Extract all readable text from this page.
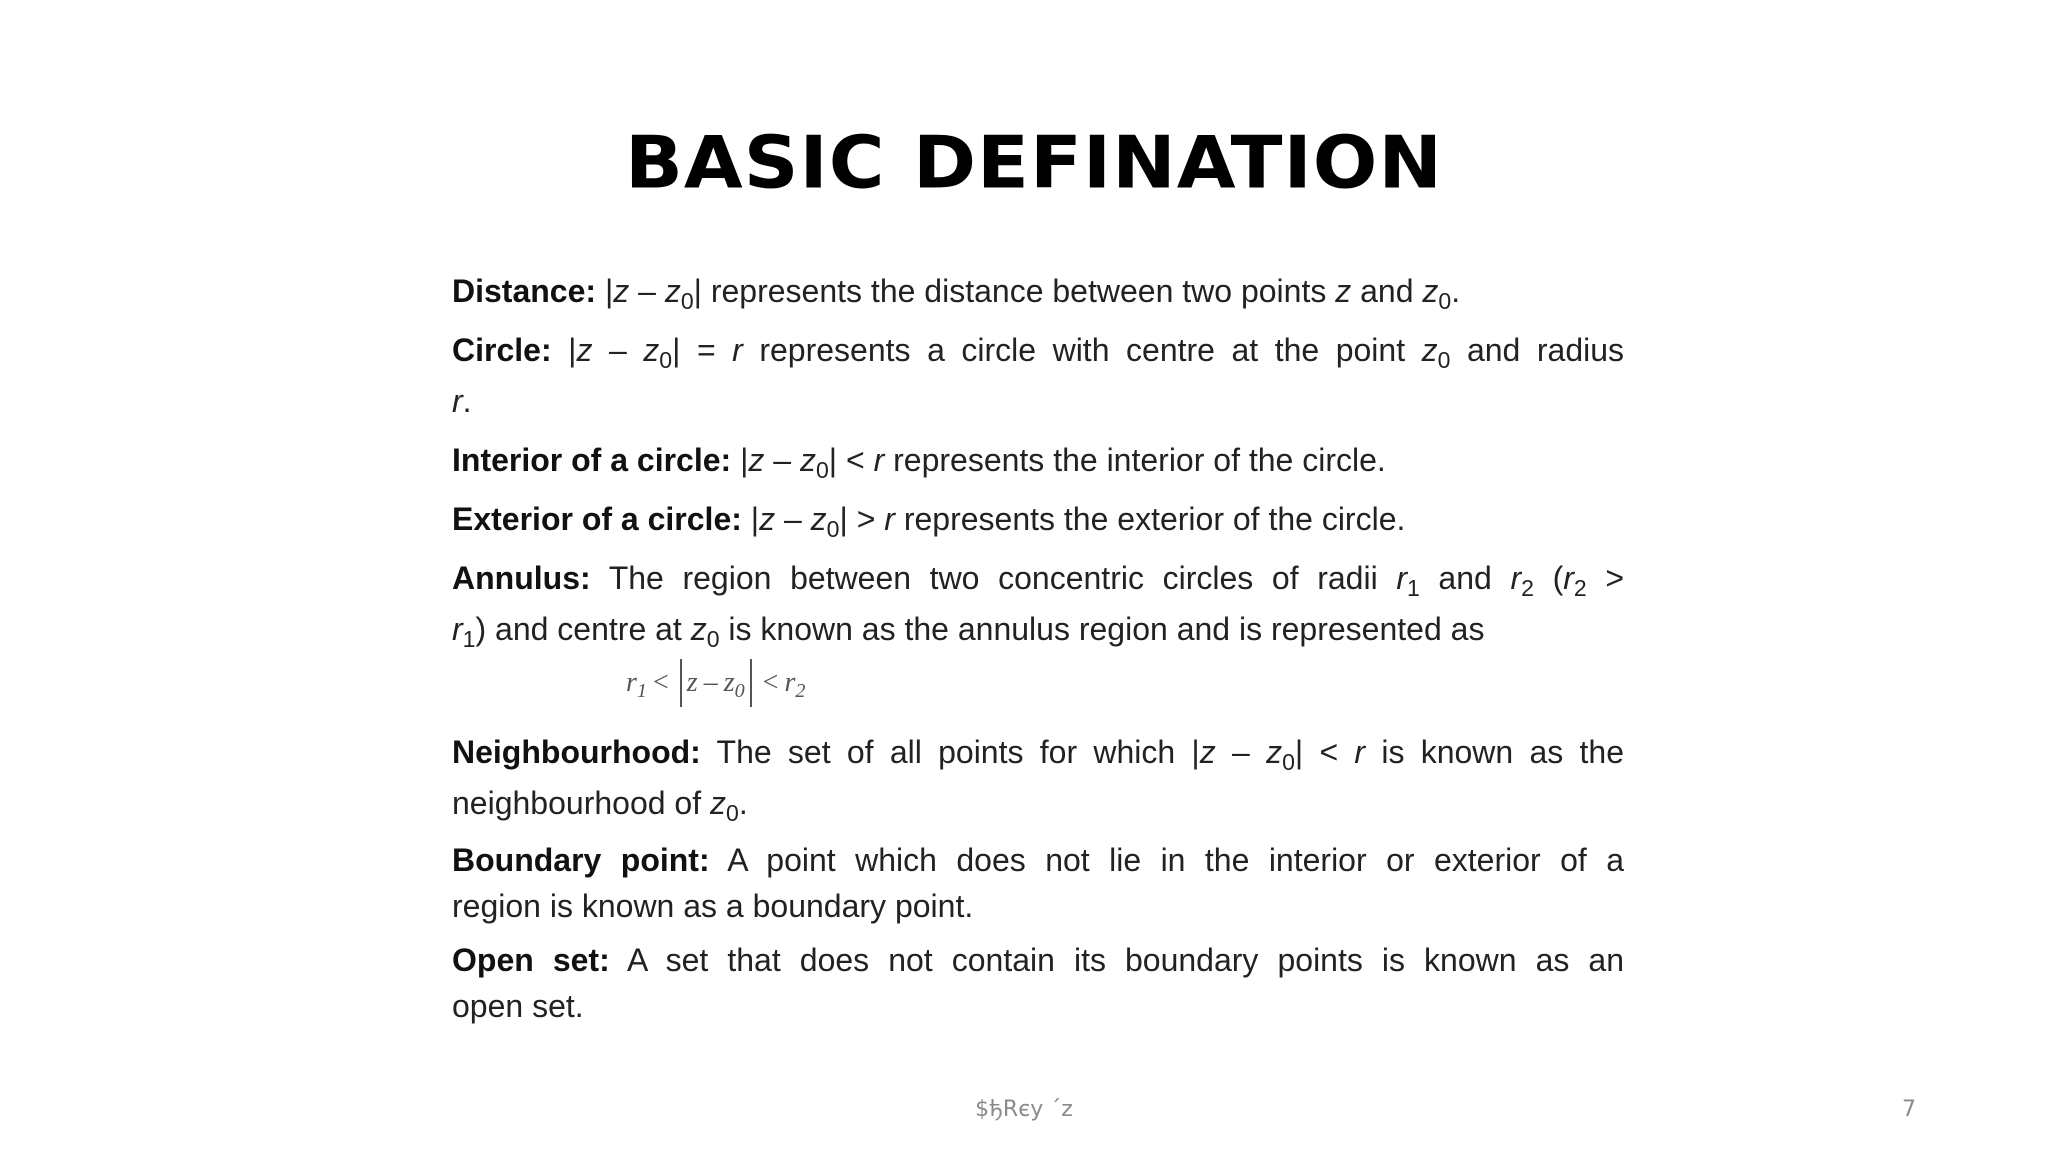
BASIC DEFINATION
Distance: $|z - z_0|$ represents the distance between two points z and $z_0$.
Circle: $|z - z_0| = r$ represents a circle with centre at the point $z_0$ and radius
r.
Interior of a circle: $|z - z_0| < r$ represents the interior of the circle.
Exterior of a circle: $|z - z_0| > r$ represents the exterior of the circle.
Annulus: The region between two concentric circles of radii $r_1$ and $r_2$ ($r_2$ >
$r_1$) and centre at $z_0$ is known as the annulus region and is represented as
$r_1 < z - z_0 < r_2$
Neighbourhood: The set of all points for which $|z - z_0| < r$ is known as the
neighbourhood of $z_0$.
Boundary point: A point which does not lie in the interior or exterior of a
region is known as a boundary point.
Open set: A set that does not contain its boundary points is known as an
open set.
$ђRєy ´z	7
